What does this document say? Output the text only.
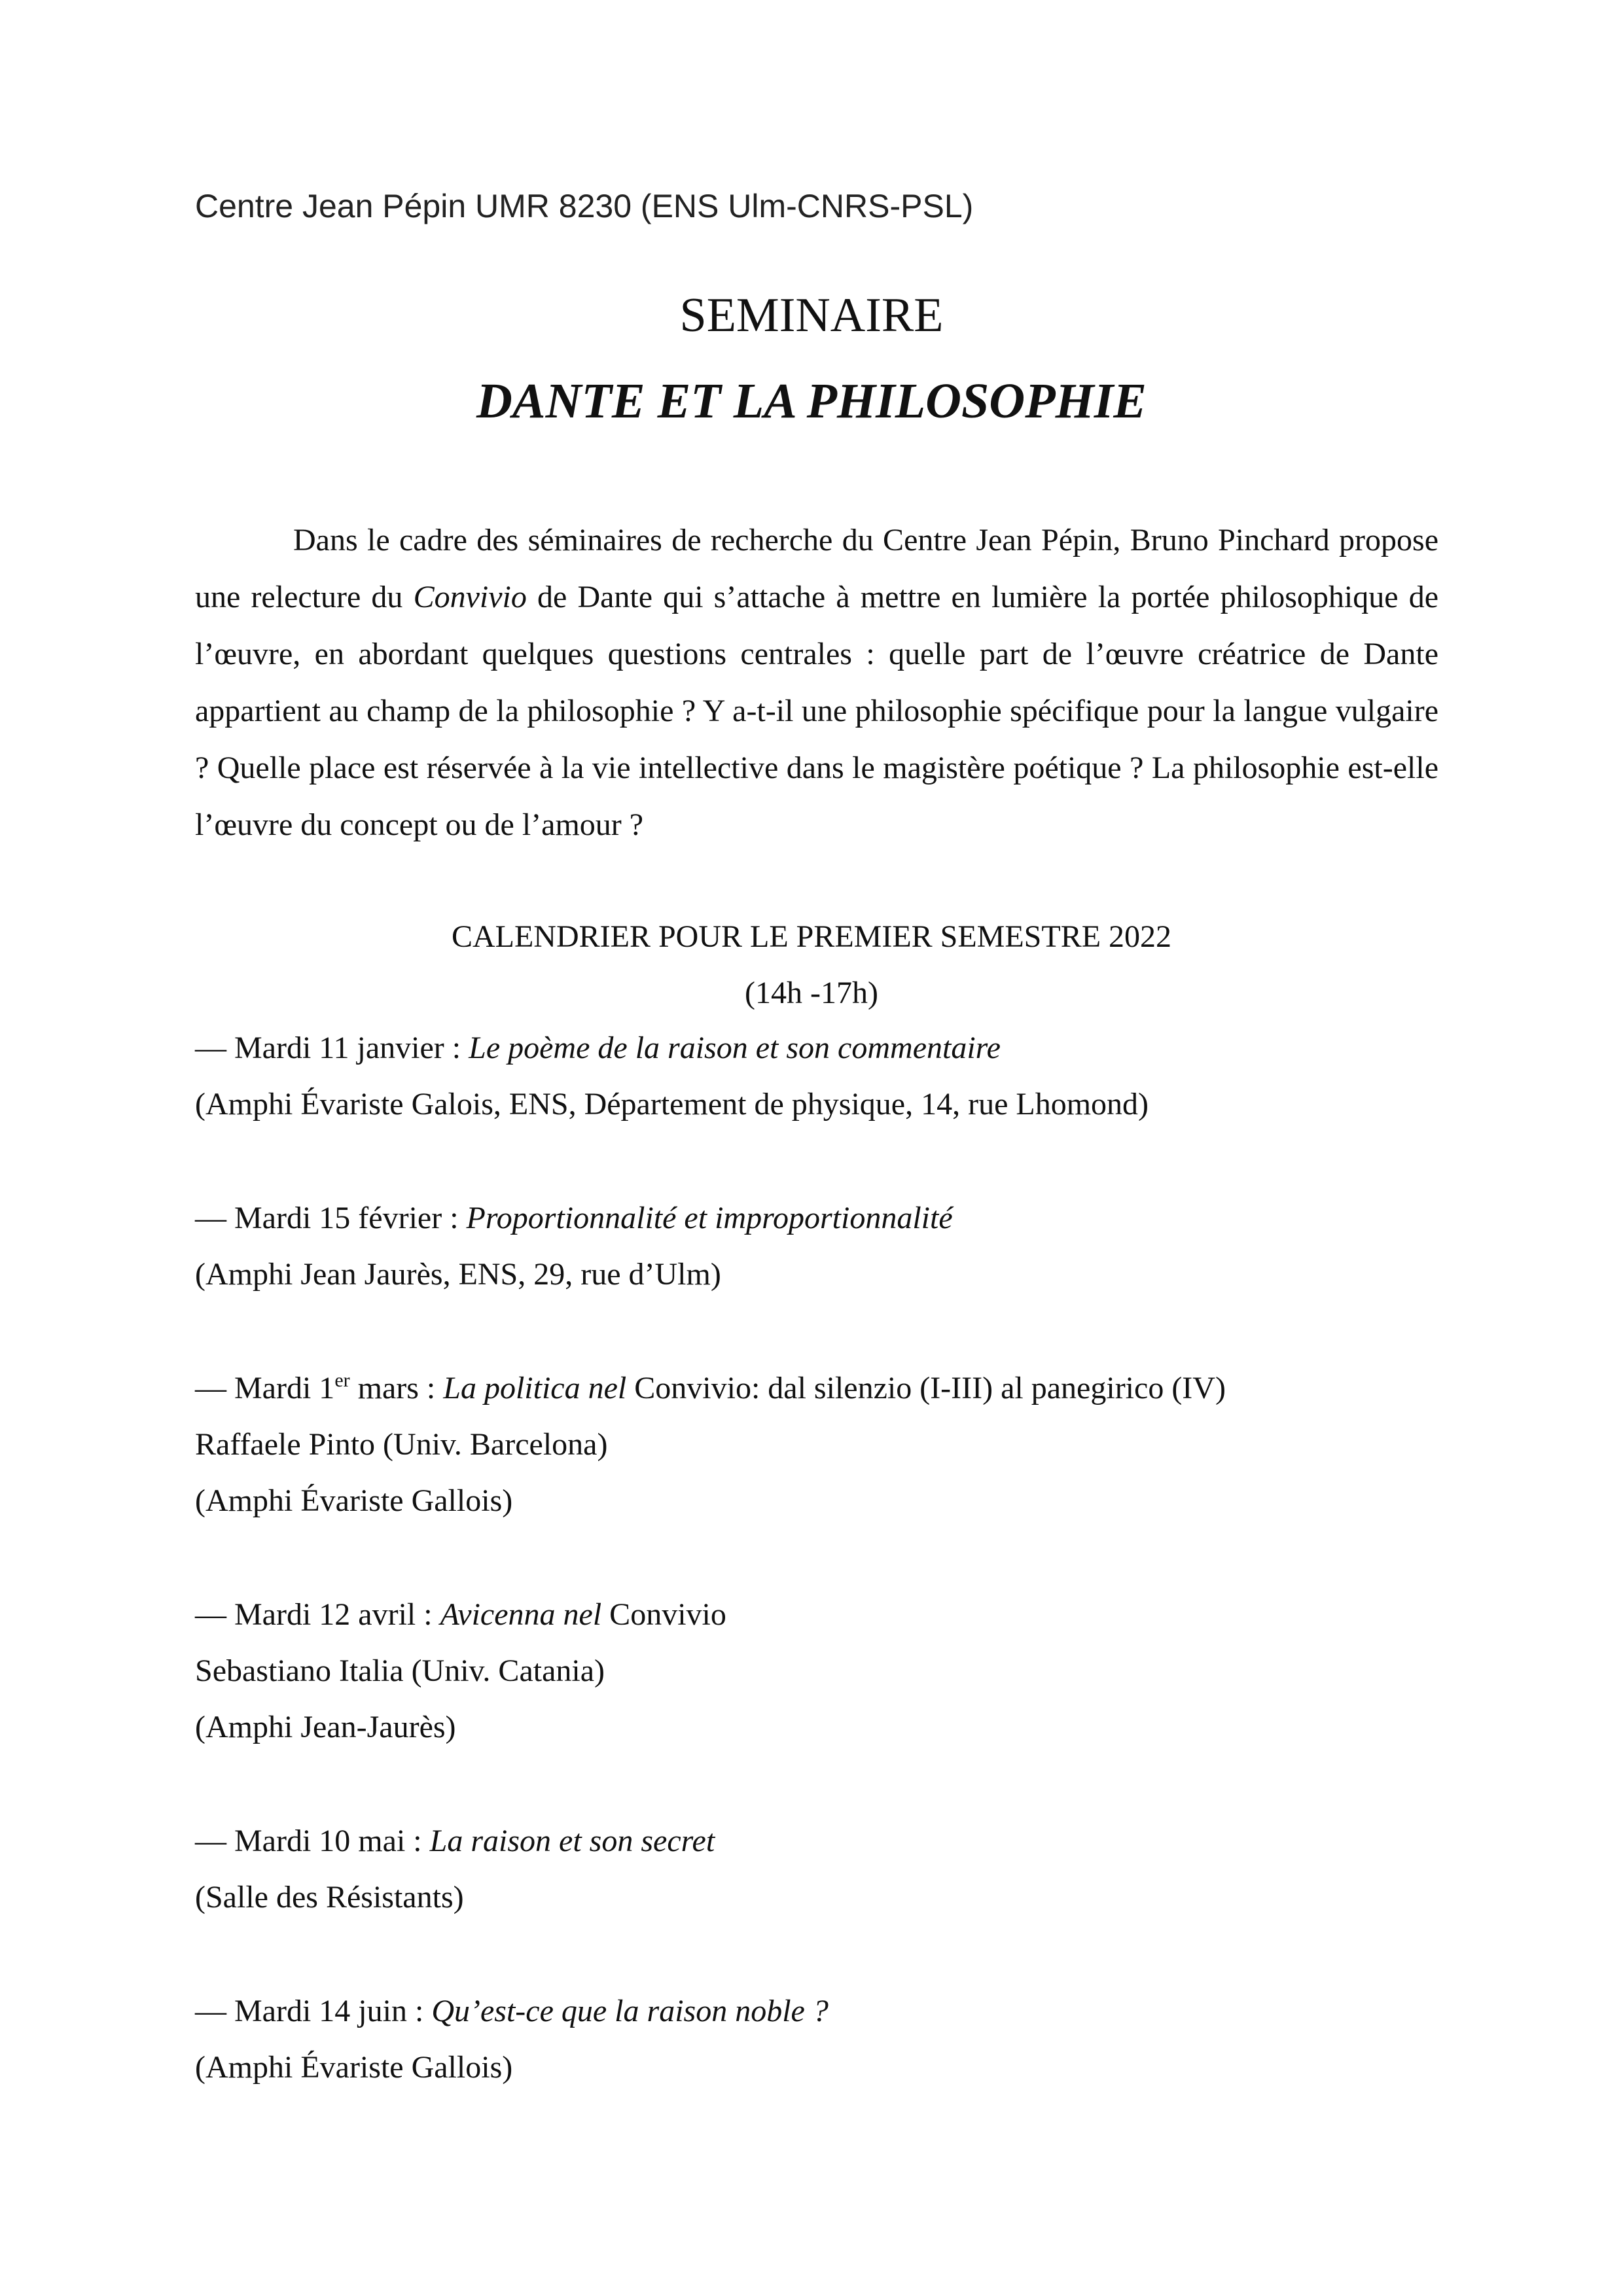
Centre Jean Pépin UMR 8230 (ENS Ulm-CNRS-PSL)
SEMINAIRE
DANTE ET LA PHILOSOPHIE
Dans le cadre des séminaires de recherche du Centre Jean Pépin, Bruno Pinchard propose une relecture du Convivio de Dante qui s’attache à mettre en lumière la portée philosophique de l’œuvre, en abordant quelques questions centrales : quelle part de l’œuvre créatrice de Dante appartient au champ de la philosophie ? Y a-t-il une philosophie spécifique pour la langue vulgaire ? Quelle place est réservée à la vie intellective dans le magistère poétique ? La philosophie est-elle l’œuvre du concept ou de l’amour ?
CALENDRIER POUR LE PREMIER SEMESTRE 2022
(14h -17h)
— Mardi 11 janvier : Le poème de la raison et son commentaire
(Amphi Évariste Galois, ENS, Département de physique, 14, rue Lhomond)
— Mardi 15 février : Proportionnalité et improportionnalité
(Amphi Jean Jaurès, ENS, 29, rue d’Ulm)
— Mardi 1er mars : La politica nel Convivio: dal silenzio (I-III) al panegirico (IV)
Raffaele Pinto (Univ. Barcelona)
(Amphi Évariste Gallois)
— Mardi 12 avril : Avicenna nel Convivio
Sebastiano Italia (Univ. Catania)
(Amphi Jean-Jaurès)
— Mardi 10 mai : La raison et son secret
(Salle des Résistants)
— Mardi 14 juin : Qu’est-ce que la raison noble ?
(Amphi Évariste Gallois)
